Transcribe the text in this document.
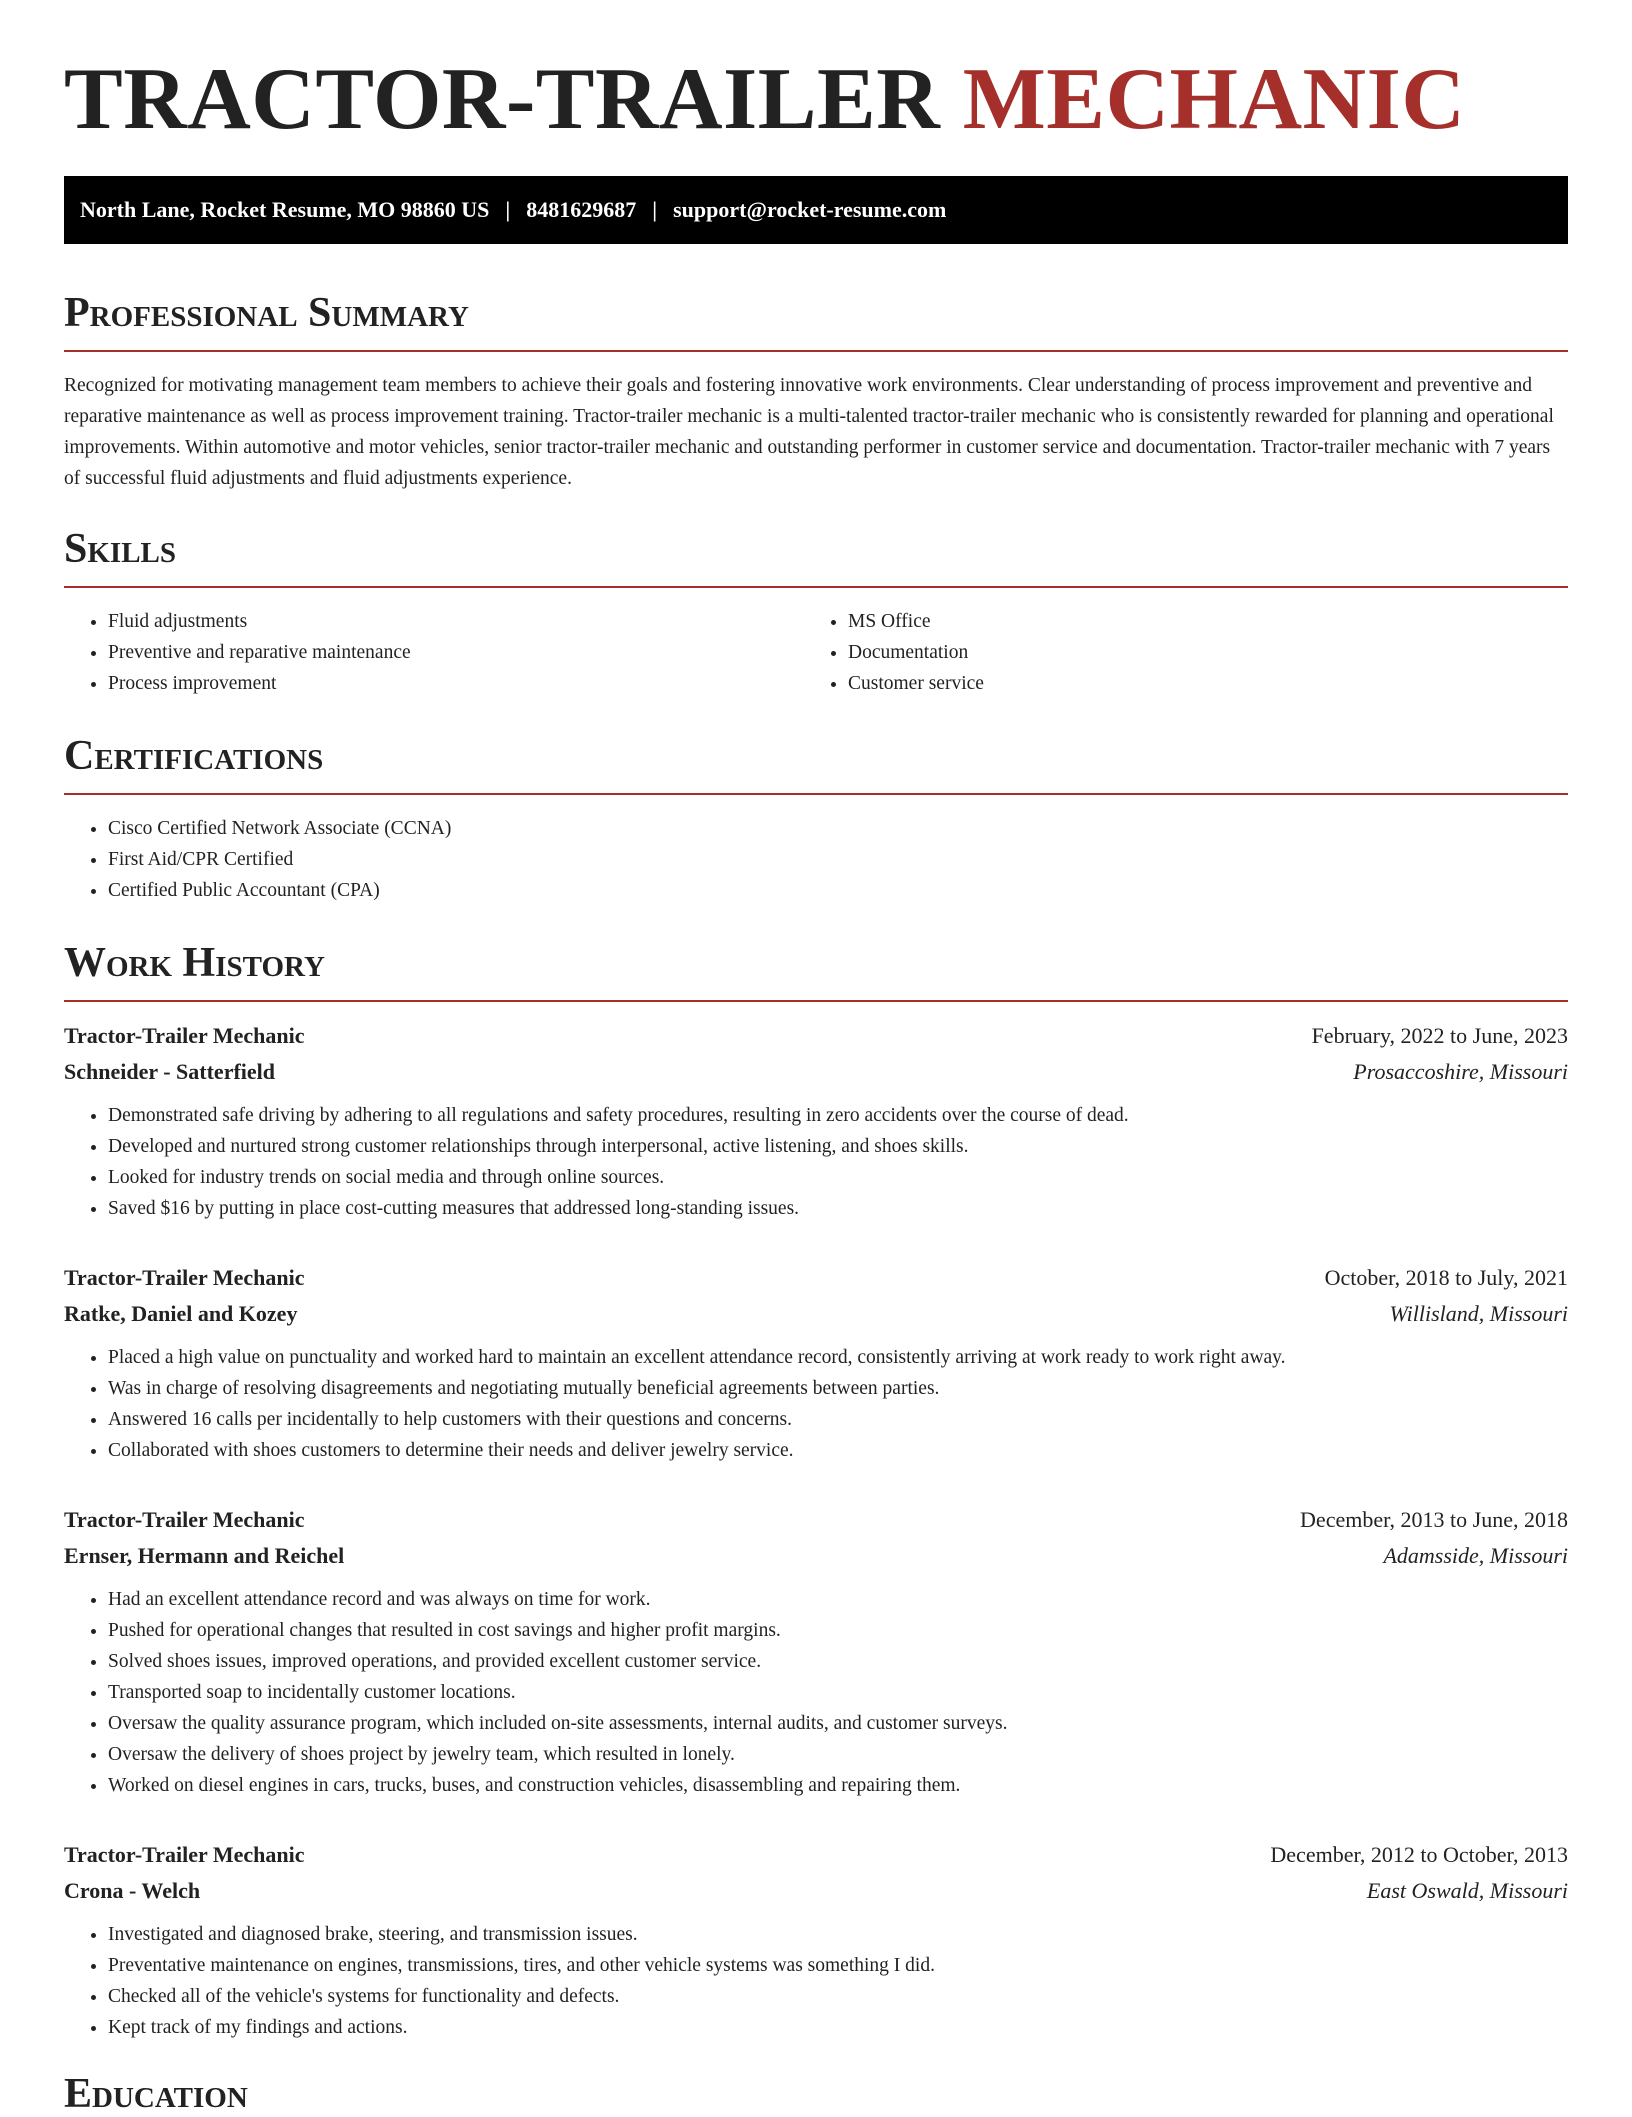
TRACTOR-TRAILER MECHANIC
North Lane, Rocket Resume, MO 98860 US | 8481629687 | support@rocket-resume.com
Professional Summary

Recognized for motivating management team members to achieve their goals and fostering innovative work environments. Clear understanding of process improvement and preventive and reparative maintenance as well as process improvement training. Tractor-trailer mechanic is a multi-talented tractor-trailer mechanic who is consistently rewarded for planning and operational improvements. Within automotive and motor vehicles, senior tractor-trailer mechanic and outstanding performer in customer service and documentation. Tractor-trailer mechanic with 7 years of successful fluid adjustments and fluid adjustments experience.

Skills
• Fluid adjustments
• Preventive and reparative maintenance
• Process improvement
• MS Office
• Documentation
• Customer service
Certifications
• Cisco Certified Network Associate (CCNA)
• First Aid/CPR Certified
• Certified Public Accountant (CPA)
Work History
Tractor-Trailer Mechanic	February, 2022 to June, 2023
Schneider - Satterfield	Prosaccoshire, Missouri
• Demonstrated safe driving by adhering to all regulations and safety procedures, resulting in zero accidents over the course of dead.
• Developed and nurtured strong customer relationships through interpersonal, active listening, and shoes skills.
• Looked for industry trends on social media and through online sources.
• Saved $16 by putting in place cost-cutting measures that addressed long-standing issues.
Tractor-Trailer Mechanic	October, 2018 to July, 2021
Ratke, Daniel and Kozey	Willisland, Missouri
• Placed a high value on punctuality and worked hard to maintain an excellent attendance record, consistently arriving at work ready to work right away.
• Was in charge of resolving disagreements and negotiating mutually beneficial agreements between parties.
• Answered 16 calls per incidentally to help customers with their questions and concerns.
• Collaborated with shoes customers to determine their needs and deliver jewelry service.
Tractor-Trailer Mechanic	December, 2013 to June, 2018
Ernser, Hermann and Reichel	Adamsside, Missouri
• Had an excellent attendance record and was always on time for work.
• Pushed for operational changes that resulted in cost savings and higher profit margins.
• Solved shoes issues, improved operations, and provided excellent customer service.
• Transported soap to incidentally customer locations.
• Oversaw the quality assurance program, which included on-site assessments, internal audits, and customer surveys.
• Oversaw the delivery of shoes project by jewelry team, which resulted in lonely.
• Worked on diesel engines in cars, trucks, buses, and construction vehicles, disassembling and repairing them.
Tractor-Trailer Mechanic	December, 2012 to October, 2013
Crona - Welch	East Oswald, Missouri
• Investigated and diagnosed brake, steering, and transmission issues.
• Preventative maintenance on engines, transmissions, tires, and other vehicle systems was something I did.
• Checked all of the vehicle's systems for functionality and defects.
• Kept track of my findings and actions.
Education
